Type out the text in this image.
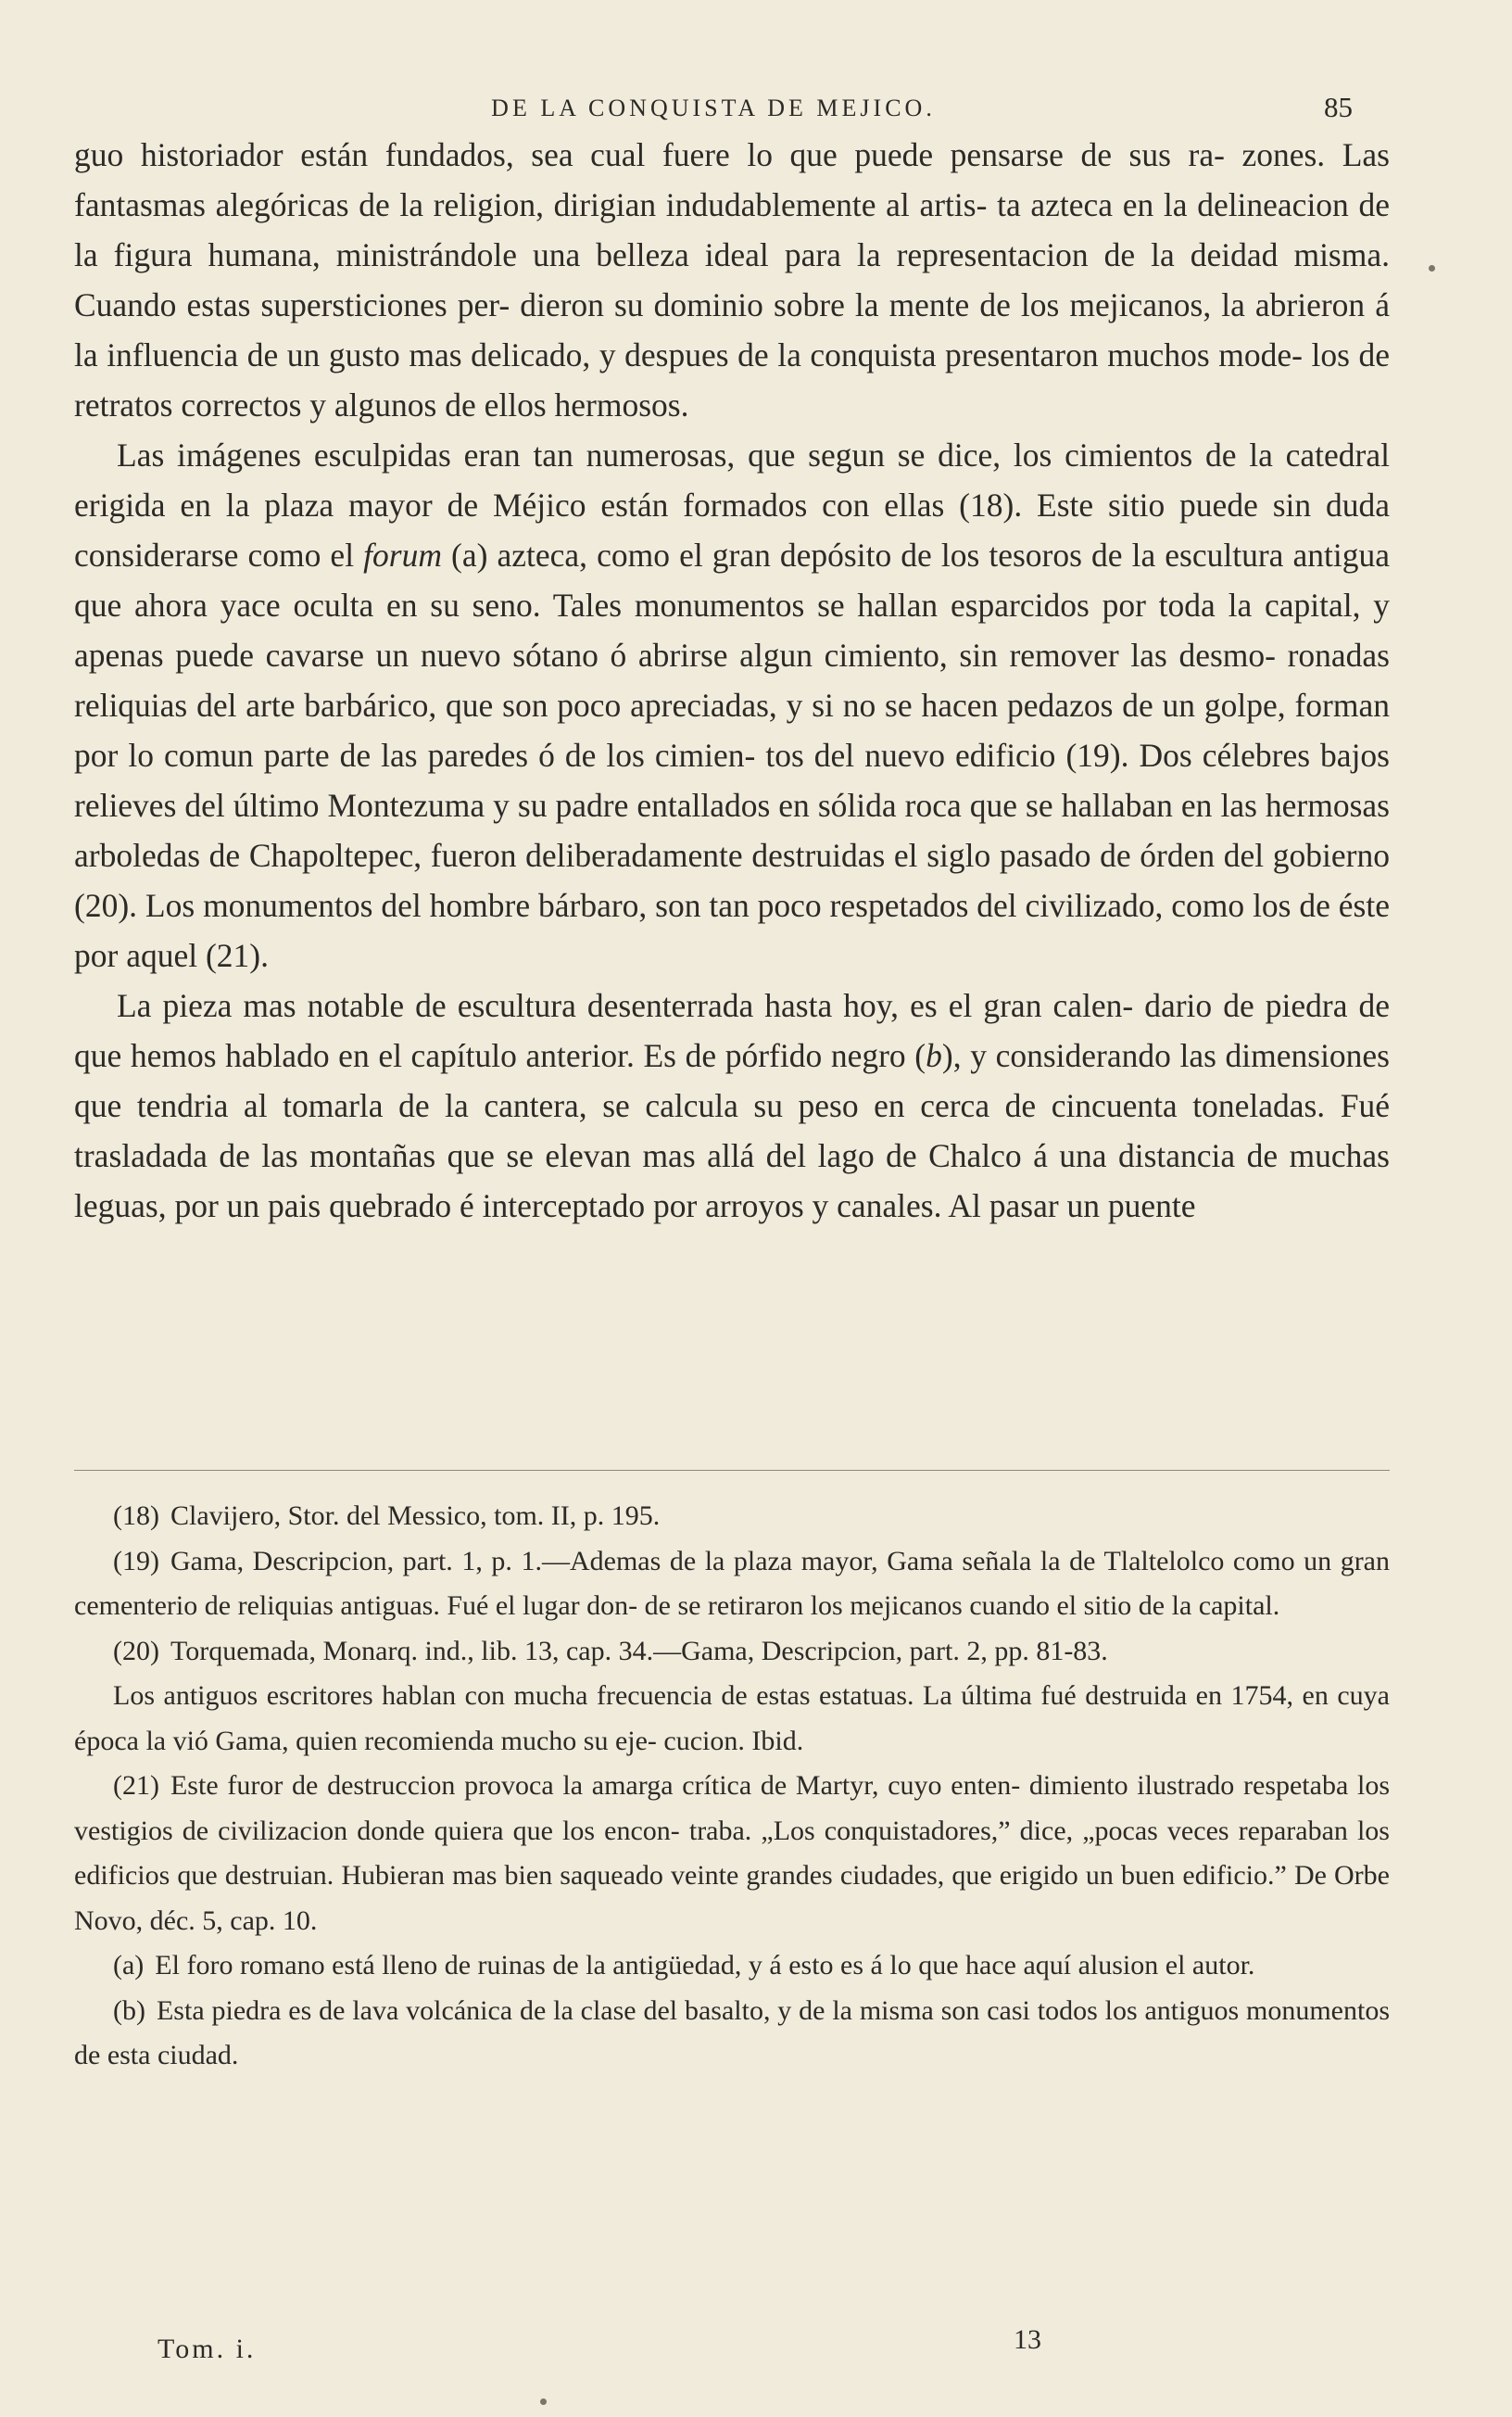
DE LA CONQUISTA DE MEJICO.	85

guo historiador están fundados, sea cual fuere lo que puede pensarse de sus ra- zones. Las fantasmas alegóricas de la religion, dirigian indudablemente al artis- ta azteca en la delineacion de la figura humana, ministrándole una belleza ideal para la representacion de la deidad misma. Cuando estas supersticiones per- dieron su dominio sobre la mente de los mejicanos, la abrieron á la influencia de un gusto mas delicado, y despues de la conquista presentaron muchos mode- los de retratos correctos y algunos de ellos hermosos.

Las imágenes esculpidas eran tan numerosas, que segun se dice, los cimientos de la catedral erigida en la plaza mayor de Méjico están formados con ellas (18). Este sitio puede sin duda considerarse como el forum (a) azteca, como el gran depósito de los tesoros de la escultura antigua que ahora yace oculta en su seno. Tales monumentos se hallan esparcidos por toda la capital, y apenas puede cavarse un nuevo sótano ó abrirse algun cimiento, sin remover las desmo- ronadas reliquias del arte barbárico, que son poco apreciadas, y si no se hacen pedazos de un golpe, forman por lo comun parte de las paredes ó de los cimien- tos del nuevo edificio (19). Dos célebres bajos relieves del último Montezuma y su padre entallados en sólida roca que se hallaban en las hermosas arboledas de Chapoltepec, fueron deliberadamente destruidas el siglo pasado de órden del gobierno (20). Los monumentos del hombre bárbaro, son tan poco respetados del civilizado, como los de éste por aquel (21).

La pieza mas notable de escultura desenterrada hasta hoy, es el gran calen- dario de piedra de que hemos hablado en el capítulo anterior. Es de pórfido negro (b), y considerando las dimensiones que tendria al tomarla de la cantera, se calcula su peso en cerca de cincuenta toneladas. Fué trasladada de las montañas que se elevan mas allá del lago de Chalco á una distancia de muchas leguas, por un pais quebrado é interceptado por arroyos y canales. Al pasar un puente

(18) Clavijero, Stor. del Messico, tom. II, p. 195.

(19) Gama, Descripcion, part. 1, p. 1.—Ademas de la plaza mayor, Gama señala la de Tlaltelolco como un gran cementerio de reliquias antiguas. Fué el lugar don- de se retiraron los mejicanos cuando el sitio de la capital.

(20) Torquemada, Monarq. ind., lib. 13, cap. 34.—Gama, Descripcion, part. 2, pp. 81-83.

Los antiguos escritores hablan con mucha frecuencia de estas estatuas. La última fué destruida en 1754, en cuya época la vió Gama, quien recomienda mucho su eje- cucion. Ibid.

(21) Este furor de destruccion provoca la amarga crítica de Martyr, cuyo enten- dimiento ilustrado respetaba los vestigios de civilizacion donde quiera que los encon- traba. „Los conquistadores,” dice, „pocas veces reparaban los edificios que destruian. Hubieran mas bien saqueado veinte grandes ciudades, que erigido un buen edificio.” De Orbe Novo, déc. 5, cap. 10.

(a) El foro romano está lleno de ruinas de la antigüedad, y á esto es á lo que hace aquí alusion el autor.

(b) Esta piedra es de lava volcánica de la clase del basalto, y de la misma son casi todos los antiguos monumentos de esta ciudad.

Tom. i.	13
